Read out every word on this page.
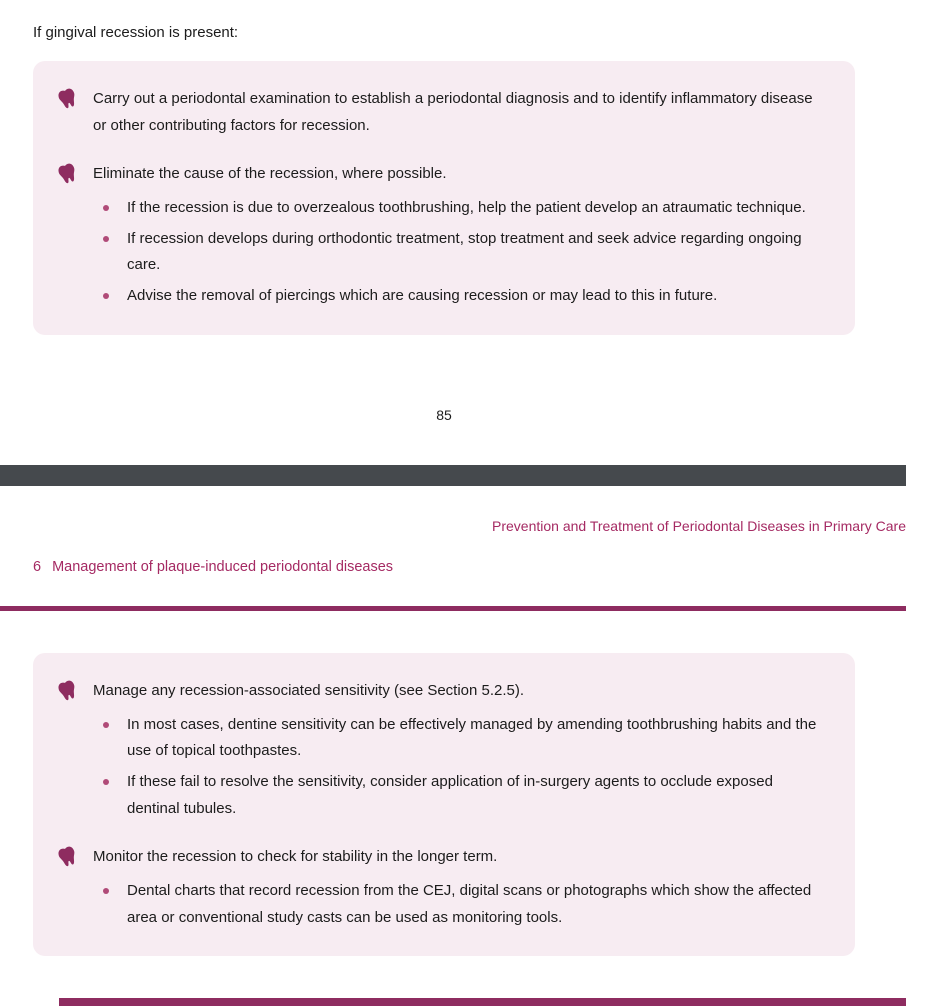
If gingival recession is present:

Carry out a periodontal examination to establish a periodontal diagnosis and to identify inflammatory disease or other contributing factors for recession.
Eliminate the cause of the recession, where possible.
If the recession is due to overzealous toothbrushing, help the patient develop an atraumatic technique.
If recession develops during orthodontic treatment, stop treatment and seek advice regarding ongoing care.
Advise the removal of piercings which are causing recession or may lead to this in future.
85
Prevention and Treatment of Periodontal Diseases in Primary Care
6 Management of plaque-induced periodontal diseases
Manage any recession-associated sensitivity (see Section 5.2.5).
In most cases, dentine sensitivity can be effectively managed by amending toothbrushing habits and the use of topical toothpastes.
If these fail to resolve the sensitivity, consider application of in-surgery agents to occlude exposed dentinal tubules.
Monitor the recession to check for stability in the longer term.
Dental charts that record recession from the CEJ, digital scans or photographs which show the affected area or conventional study casts can be used as monitoring tools.
